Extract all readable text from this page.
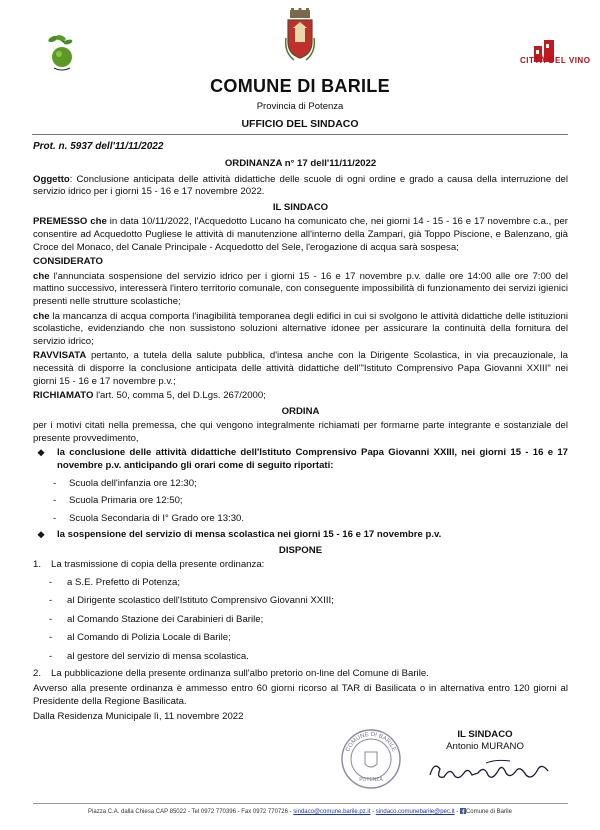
CITTÀ DEL VINO
COMUNE DI BARILE
Provincia di Potenza
UFFICIO DEL SINDACO
Prot. n. 5937 dell'11/11/2022

ORDINANZA n° 17 dell'11/11/2022

Oggetto: Conclusione anticipata delle attività didattiche delle scuole di ogni ordine e grado a causa della interruzione del servizio idrico per i giorni 15 - 16 e 17 novembre 2022.

IL SINDACO

PREMESSO che in data 10/11/2022, l'Acquedotto Lucano ha comunicato che, nei giorni 14 - 15 - 16 e 17 novembre c.a., per consentire ad Acquedotto Pugliese le attività di manutenzione all'interno della Zampari, già Toppo Piscione, e Balenzano, già Croce del Monaco, del Canale Principale - Acquedotto del Sele, l'erogazione di acqua sarà sospesa;

CONSIDERATO

che l'annunciata sospensione del servizio idrico per i giorni 15 - 16 e 17 novembre p.v. dalle ore 14:00 alle ore 7:00 del mattino successivo, interesserà l'intero territorio comunale, con conseguente impossibilità di funzionamento dei servizi igienici presenti nelle strutture scolastiche;

che la mancanza di acqua comporta l'inagibilità temporanea degli edifici in cui si svolgono le attività didattiche delle istituzioni scolastiche, evidenziando che non sussistono soluzioni alternative idonee per assicurare la continuità della fornitura del servizio idrico;

RAVVISATA pertanto, a tutela della salute pubblica, d'intesa anche con la Dirigente Scolastica, in via precauzionale, la necessità di disporre la conclusione anticipata delle attività didattiche dell'"Istituto Comprensivo Papa Giovanni XXIII" nei giorni 15 - 16 e 17 novembre p.v.;

RICHIAMATO l'art. 50, comma 5, del D.Lgs. 267/2000;

ORDINA

per i motivi citati nella premessa, che qui vengono integralmente richiamati per formarne parte integrante e sostanziale del presente provvedimento,

❖ la conclusione delle attività didattiche dell'Istituto Comprensivo Papa Giovanni XXIII, nei giorni 15 - 16 e 17 novembre p.v. anticipando gli orari come di seguito riportati:
- Scuola dell'infanzia ore 12:30;
- Scuola Primaria ore 12:50;
- Scuola Secondaria di I° Grado ore 13:30.
❖ la sospensione del servizio di mensa scolastica nei giorni 15 - 16 e 17 novembre p.v.

DISPONE

1. La trasmissione di copia della presente ordinanza:
- a S.E. Prefetto di Potenza;
- al Dirigente scolastico dell'Istituto Comprensivo Giovanni XXIII;
- al Comando Stazione dei Carabinieri di Barile;
- al Comando di Polizia Locale di Barile;
- al gestore del servizio di mensa scolastica.
2. La pubblicazione della presente ordinanza sull'albo pretorio on-line del Comune di Barile.

Avverso alla presente ordinanza è ammesso entro 60 giorni ricorso al TAR di Basilicata o in alternativa entro 120 giorni al Presidente della Regione Basilicata.

Dalla Residenza Municipale lì, 11 novembre 2022

COMUNE DI BARILE
POTENZA
IL SINDACO
Antonio MURANO
Piazza C.A. dalla Chiesa CAP 85022 - Tel 0972 770396 - Fax 0972 770726 - sindaco@comune.barile.pz.it - sindaco.comunebarile@pec.it - Comune di Barile
